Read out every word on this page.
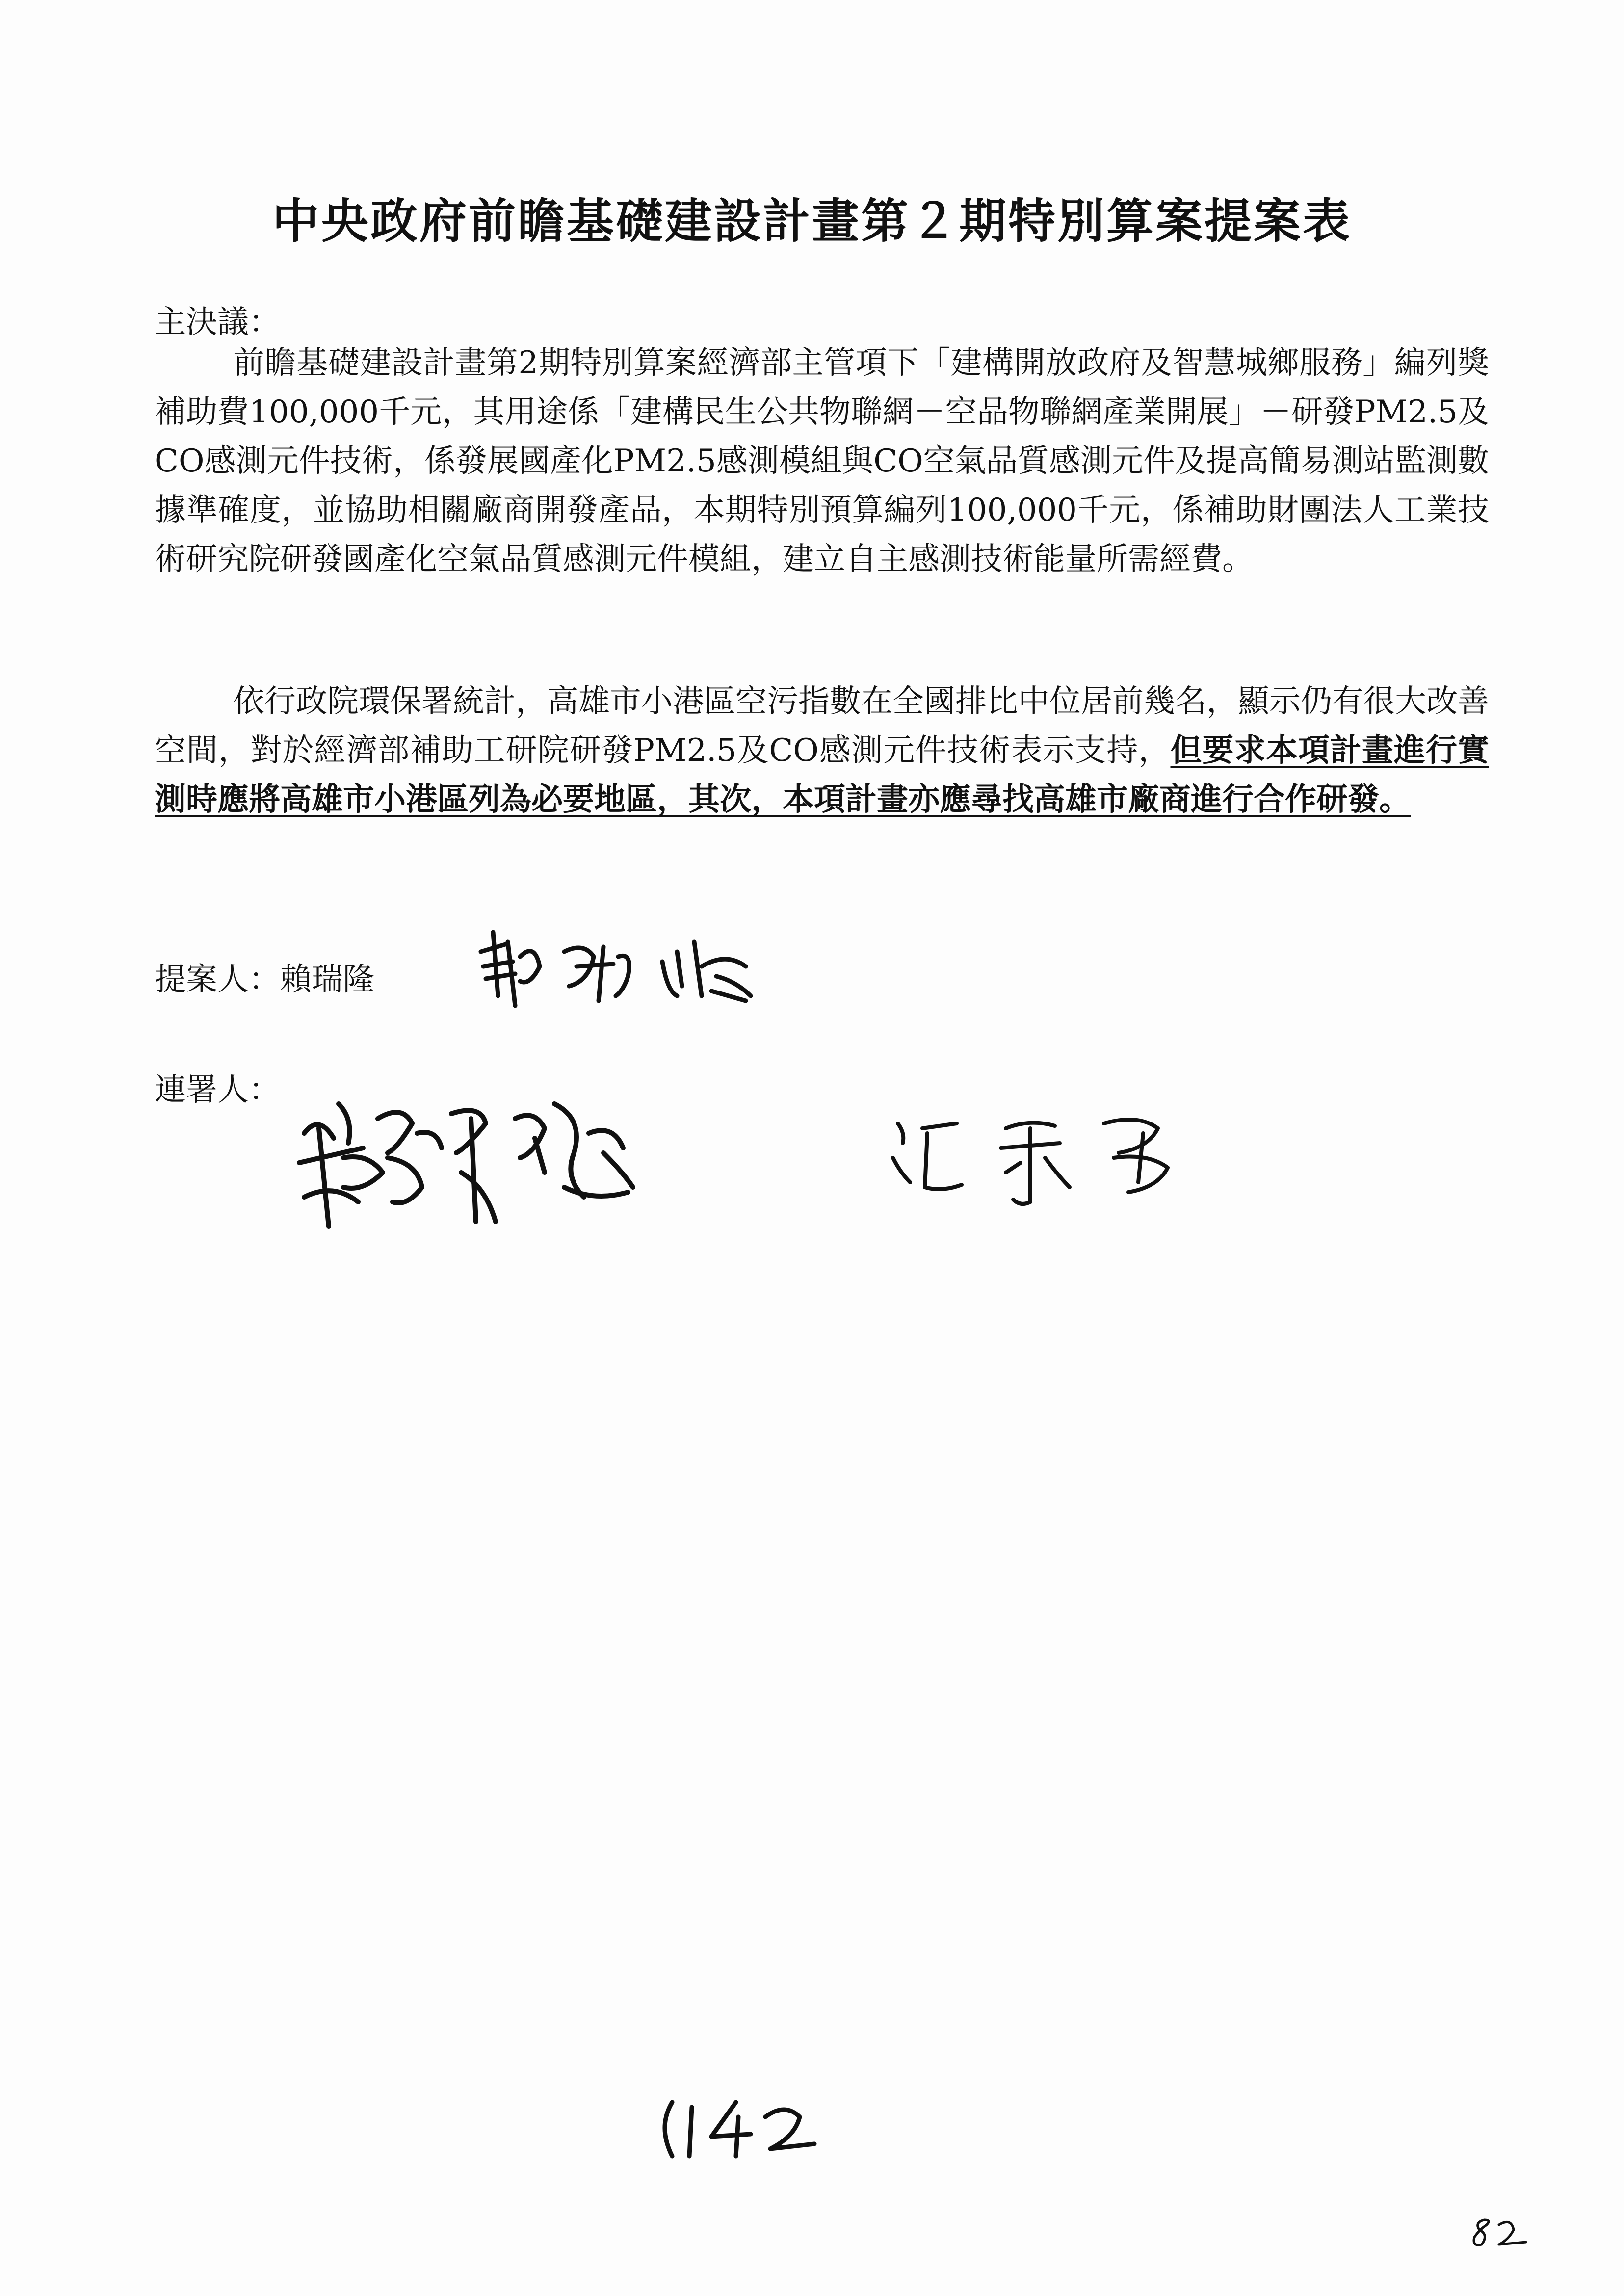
中央政府前瞻基礎建設計畫第２期特別算案提案表
主決議：
前瞻基礎建設計畫第2期特別算案經濟部主管項下「建構開放政府及智慧城鄉服務」編列獎補助費100,000千元，其用途係「建構民生公共物聯網－空品物聯網產業開展」－研發PM2.5及CO感測元件技術，係發展國產化PM2.5感測模組與CO空氣品質感測元件及提高簡易測站監測數據準確度，並協助相關廠商開發產品，本期特別預算編列100,000千元，係補助財團法人工業技術研究院研發國產化空氣品質感測元件模組，建立自主感測技術能量所需經費。
依行政院環保署統計，高雄市小港區空污指數在全國排比中位居前幾名，顯示仍有很大改善空間，對於經濟部補助工研院研發PM2.5及CO感測元件技術表示支持，但要求本項計畫進行實測時應將高雄市小港區列為必要地區，其次，本項計畫亦應尋找高雄市廠商進行合作研發。
提案人：賴瑞隆
連署人：
